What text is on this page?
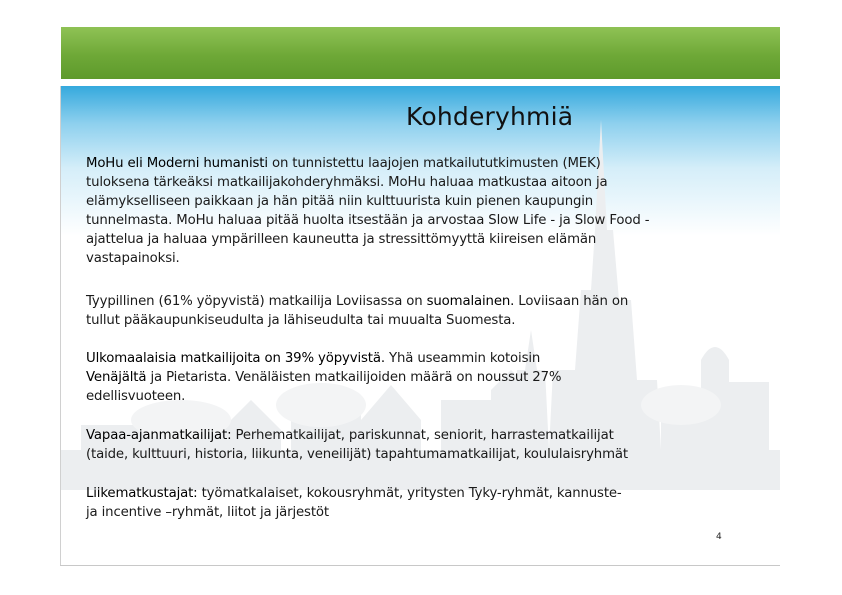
Kohderyhmiä
MoHu eli Moderni humanisti on tunnistettu laajojen matkailututkimusten (MEK)
tuloksena tärkeäksi matkailijakohderyhmäksi. MoHu haluaa matkustaa aitoon ja
elämykselliseen paikkaan ja hän pitää niin kulttuurista kuin pienen kaupungin
tunnelmasta. MoHu haluaa pitää huolta itsestään ja arvostaa Slow Life - ja Slow Food -
ajattelua ja haluaa ympärilleen kauneutta ja stressittömyyttä kiireisen elämän
vastapainoksi.
Tyypillinen (61% yöpyvistä) matkailija Loviisassa on suomalainen. Loviisaan hän on
tullut pääkaupunkiseudulta ja lähiseudulta tai muualta Suomesta.
Ulkomaalaisia matkailijoita on 39% yöpyvistä. Yhä useammin kotoisin
Venäjältä ja Pietarista. Venäläisten matkailijoiden määrä on noussut 27%
edellisvuoteen.
Vapaa-ajanmatkailijat: Perhematkailijat, pariskunnat, seniorit, harrastematkailijat
(taide, kulttuuri, historia, liikunta, veneilijät) tapahtumamatkailijat, koululaisryhmät
Liikematkustajat: työmatkalaiset, kokousryhmät, yritysten Tyky-ryhmät, kannuste-
ja incentive –ryhmät, liitot ja järjestöt
4
